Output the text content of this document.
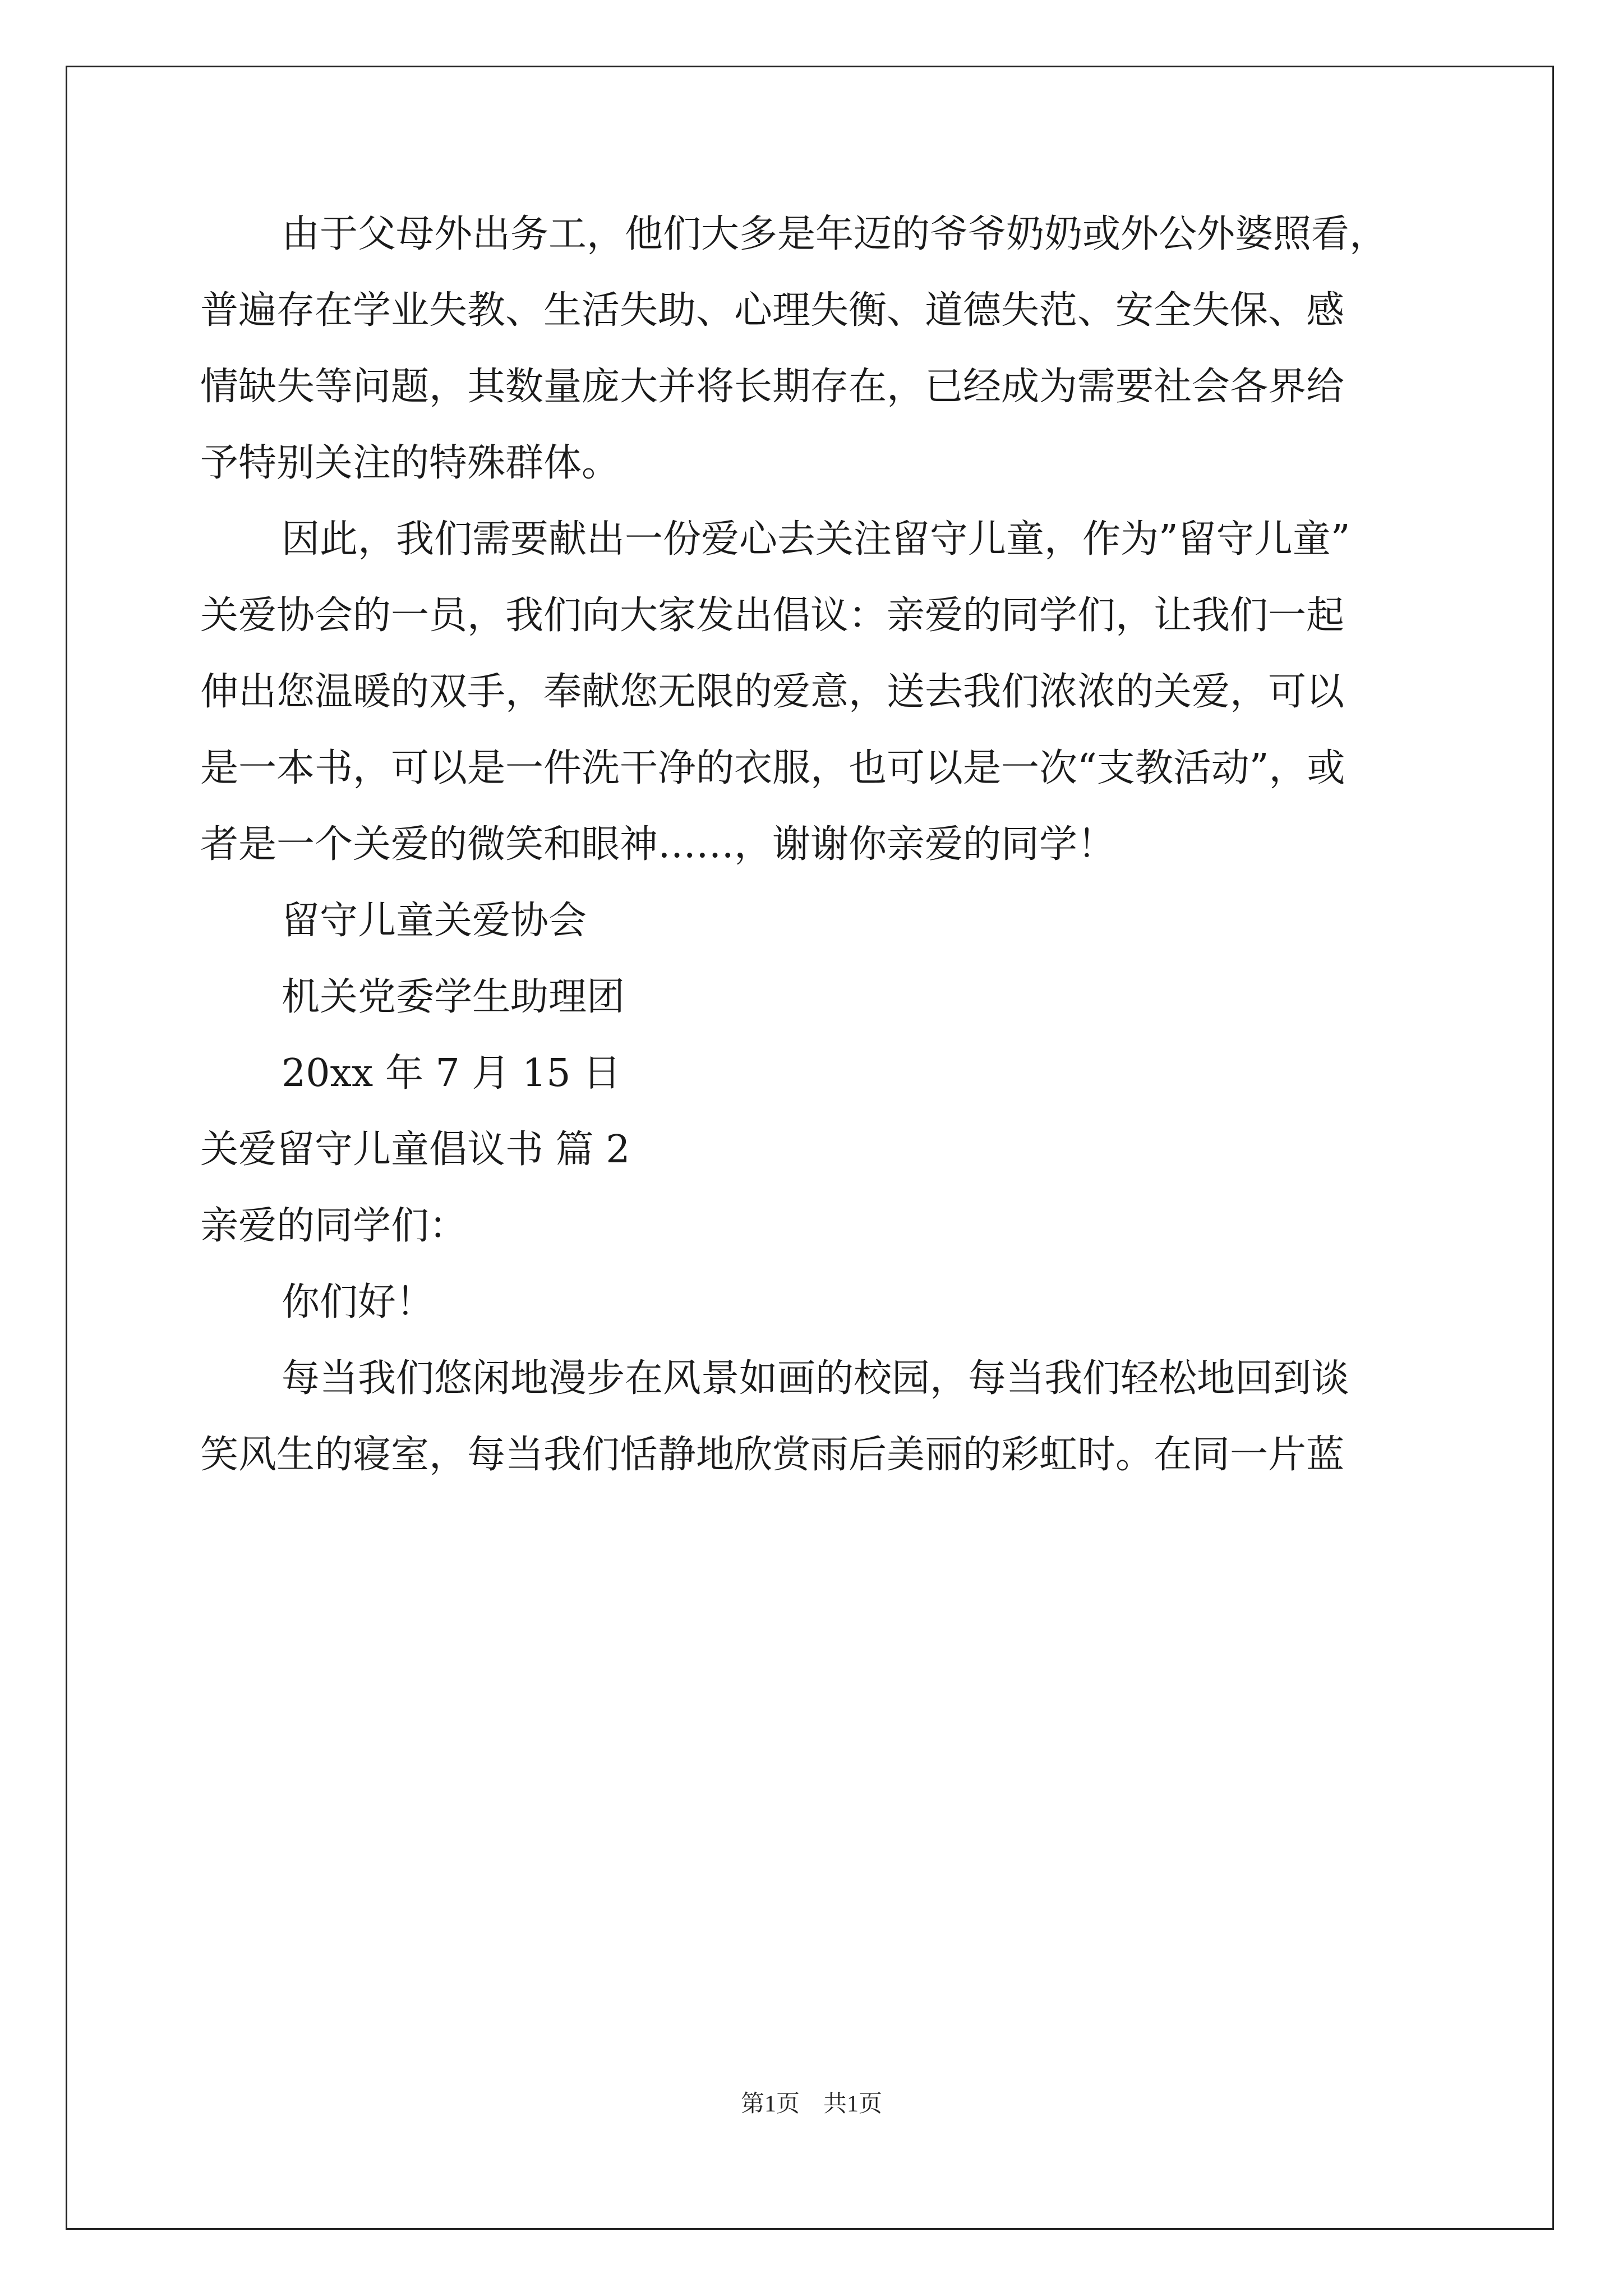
由于父母外出务工，他们大多是年迈的爷爷奶奶或外公外婆照看，
普遍存在学业失教、生活失助、心理失衡、道德失范、安全失保、感
情缺失等问题，其数量庞大并将长期存在，已经成为需要社会各界给
予特别关注的特殊群体。
因此，我们需要献出一份爱心去关注留守儿童，作为”留守儿童”
关爱协会的一员，我们向大家发出倡议：亲爱的同学们，让我们一起
伸出您温暖的双手，奉献您无限的爱意，送去我们浓浓的关爱，可以
是一本书，可以是一件洗干净的衣服，也可以是一次“支教活动”，或
者是一个关爱的微笑和眼神……，谢谢你亲爱的同学！
留守儿童关爱协会
机关党委学生助理团
20xx 年 7 月 15 日
关爱留守儿童倡议书 篇 2
亲爱的同学们：
你们好！
每当我们悠闲地漫步在风景如画的校园，每当我们轻松地回到谈
笑风生的寝室，每当我们恬静地欣赏雨后美丽的彩虹时。在同一片蓝
第1页　共1页
